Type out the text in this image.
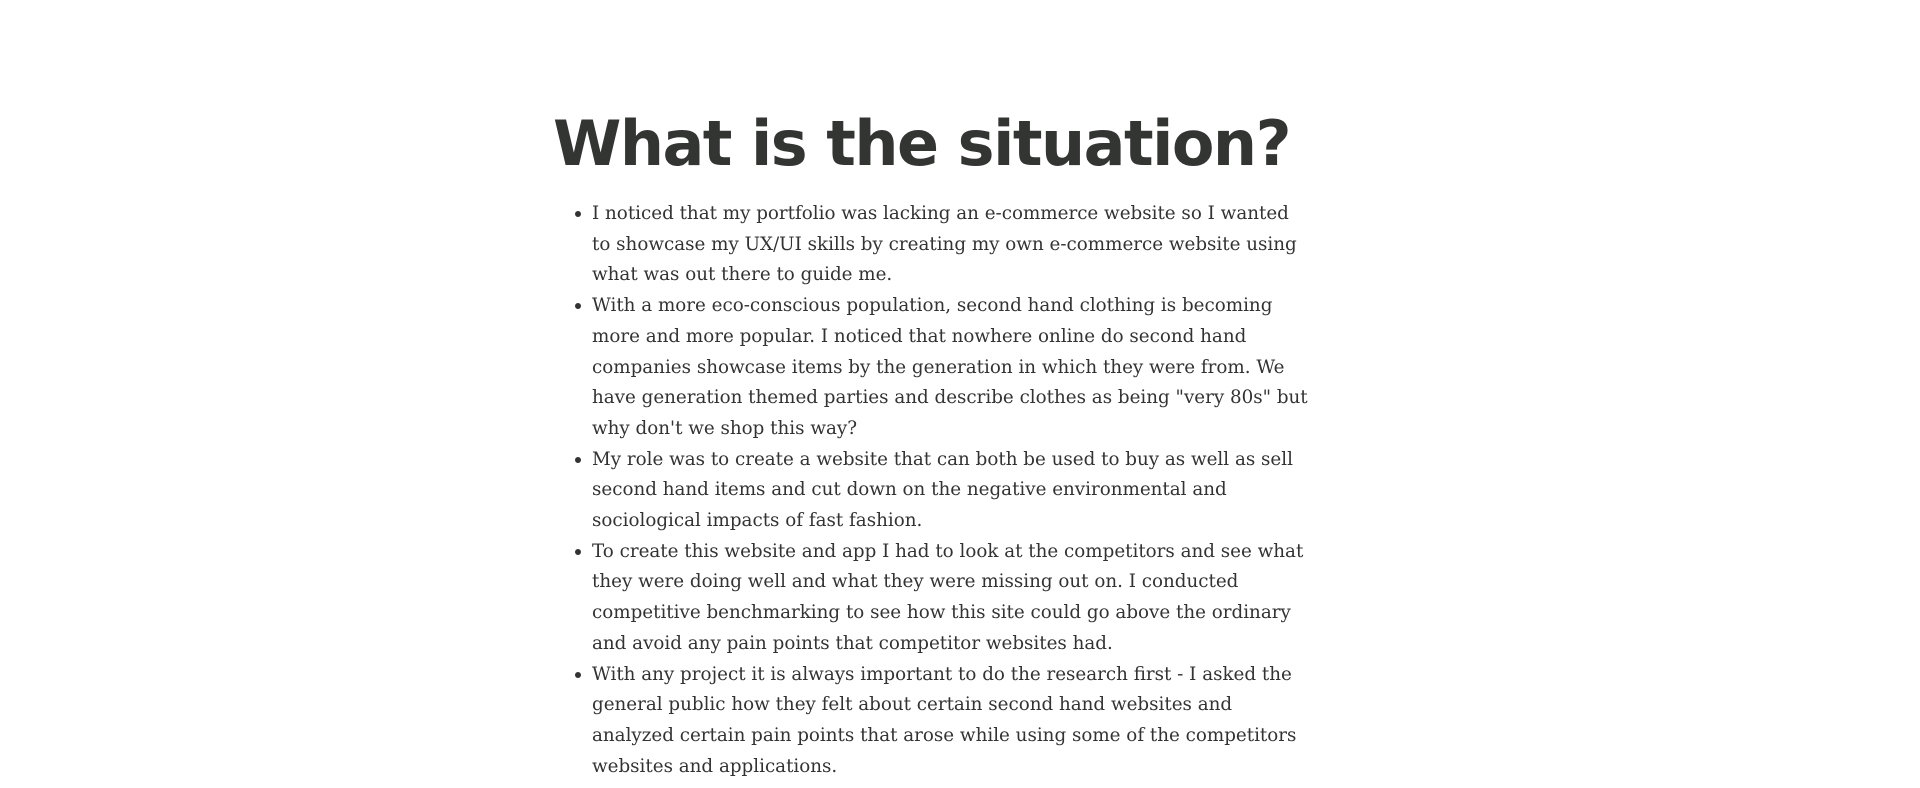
What is the situation?
I noticed that my portfolio was lacking an e-commerce website so I wanted to showcase my UX/UI skills by creating my own e-commerce website using what was out there to guide me.
With a more eco-conscious population, second hand clothing is becoming more and more popular. I noticed that nowhere online do second hand companies showcase items by the generation in which they were from. We have generation themed parties and describe clothes as being "very 80s" but why don't we shop this way?
My role was to create a website that can both be used to buy as well as sell second hand items and cut down on the negative environmental and sociological impacts of fast fashion.
To create this website and app I had to look at the competitors and see what they were doing well and what they were missing out on. I conducted competitive benchmarking to see how this site could go above the ordinary and avoid any pain points that competitor websites had.
With any project it is always important to do the research first - I asked the general public how they felt about certain second hand websites and analyzed certain pain points that arose while using some of the competitors websites and applications.
